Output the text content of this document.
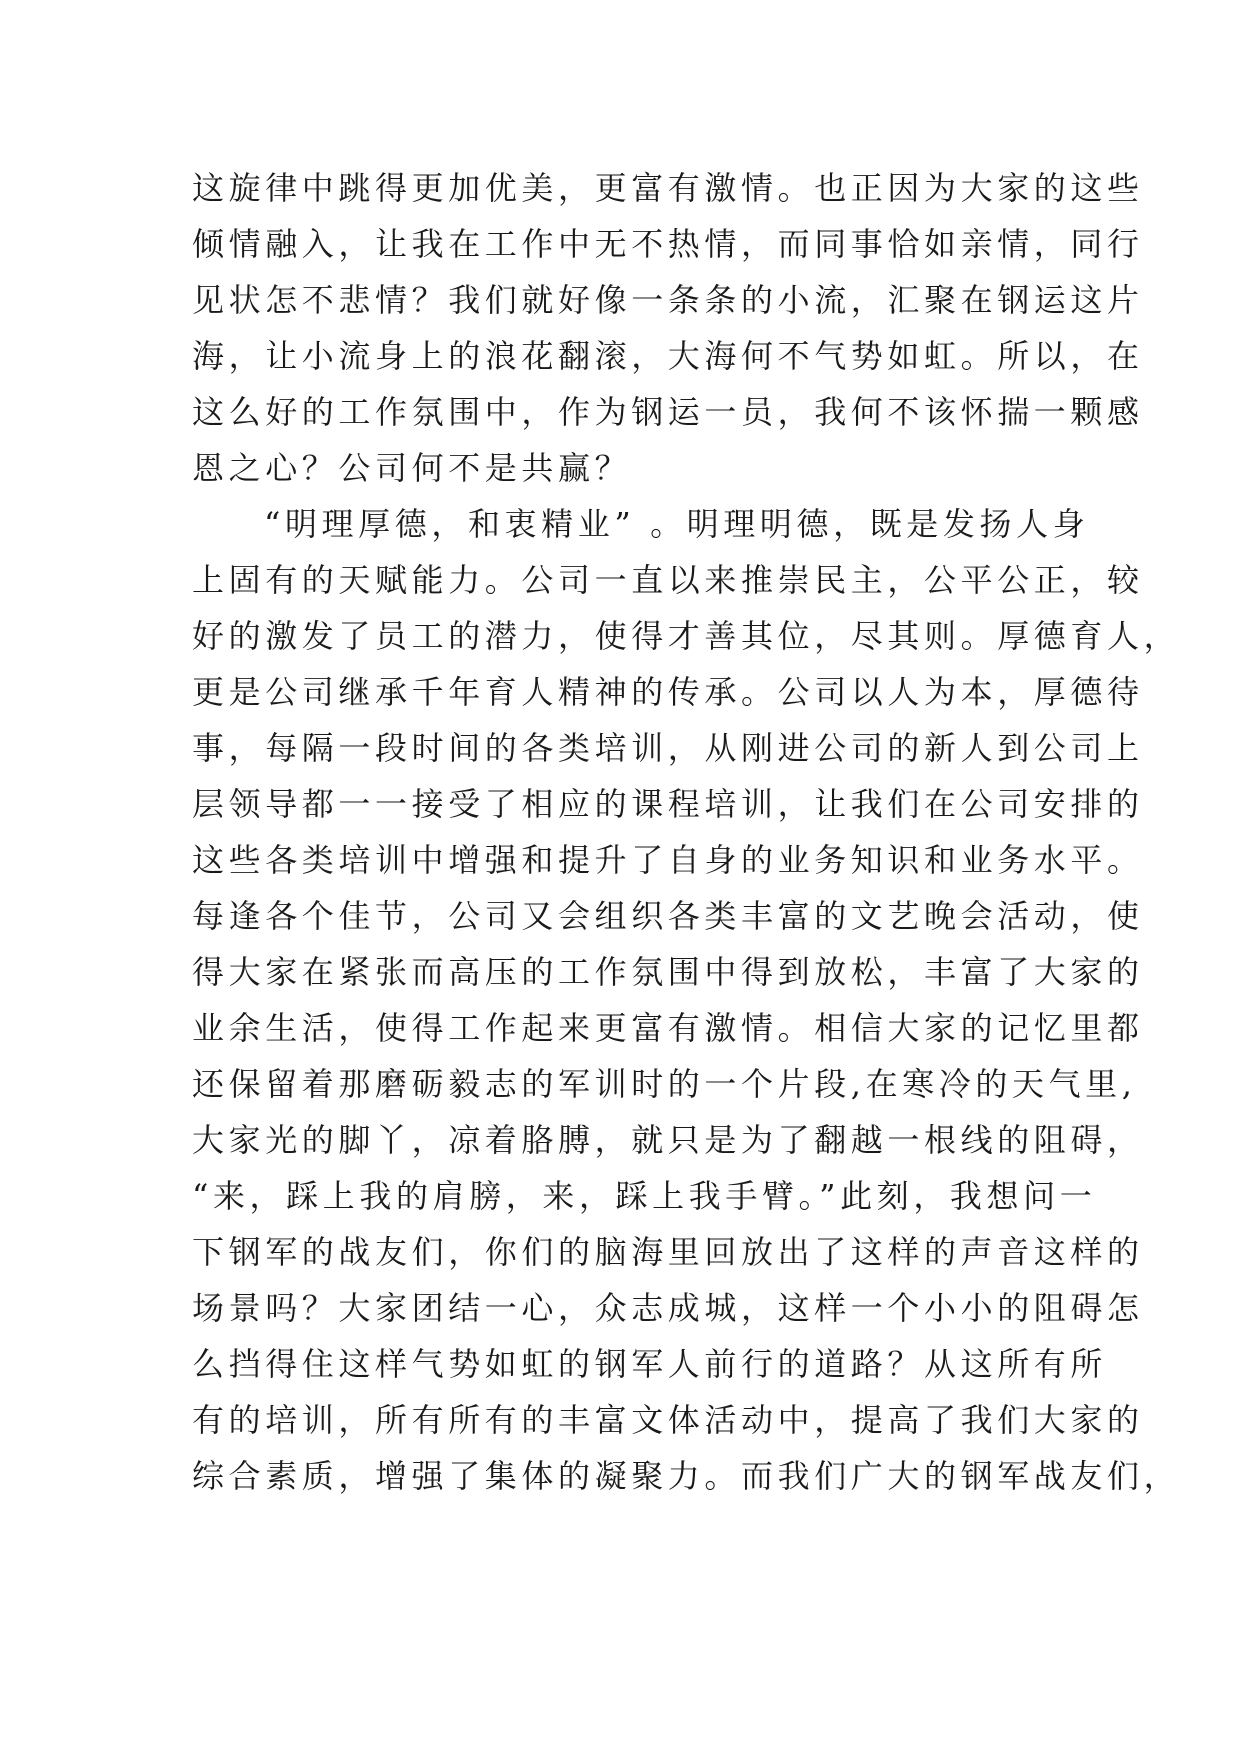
这旋律中跳得更加优美，更富有激情。也正因为大家的这些
倾情融入，让我在工作中无不热情，而同事恰如亲情，同行
见状怎不悲情？我们就好像一条条的小流，汇聚在钢运这片
海，让小流身上的浪花翻滚，大海何不气势如虹。所以，在
这么好的工作氛围中，作为钢运一员，我何不该怀揣一颗感
恩之心？公司何不是共赢？
“明理厚德，和衷精业” 。明理明德，既是发扬人身
上固有的天赋能力。公司一直以来推崇民主，公平公正，较
好的激发了员工的潜力，使得才善其位，尽其则。厚德育人，
更是公司继承千年育人精神的传承。公司以人为本，厚德待
事，每隔一段时间的各类培训，从刚进公司的新人到公司上
层领导都一一接受了相应的课程培训，让我们在公司安排的
这些各类培训中增强和提升了自身的业务知识和业务水平。
每逢各个佳节，公司又会组织各类丰富的文艺晚会活动，使
得大家在紧张而高压的工作氛围中得到放松，丰富了大家的
业余生活，使得工作起来更富有激情。相信大家的记忆里都
还保留着那磨砺毅志的军训时的一个片段,在寒冷的天气里,
大家光的脚丫，凉着胳膊，就只是为了翻越一根线的阻碍，
“来，踩上我的肩膀，来，踩上我手臂。”此刻，我想问一
下钢军的战友们，你们的脑海里回放出了这样的声音这样的
场景吗？大家团结一心，众志成城，这样一个小小的阻碍怎
么挡得住这样气势如虹的钢军人前行的道路？从这所有所
有的培训，所有所有的丰富文体活动中，提高了我们大家的
综合素质，增强了集体的凝聚力。而我们广大的钢军战友们，
